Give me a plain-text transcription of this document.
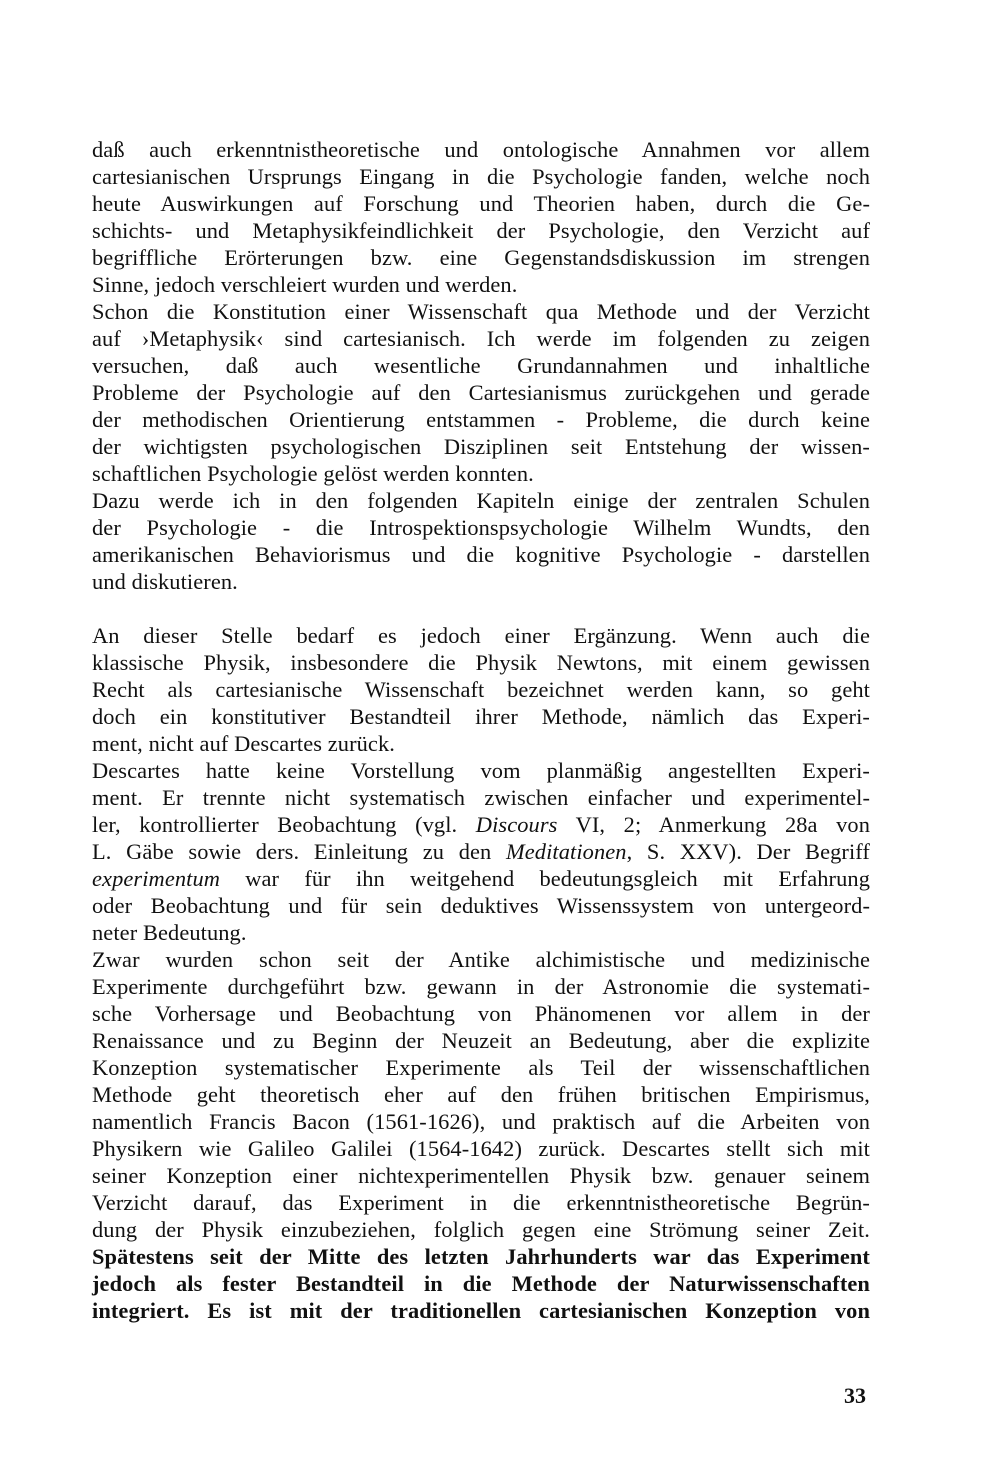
daß auch erkenntnistheoretische und ontologische Annahmen vor allem
cartesianischen Ursprungs Eingang in die Psychologie fanden, welche noch
heute Auswirkungen auf Forschung und Theorien haben, durch die Ge-
schichts- und Metaphysikfeindlichkeit der Psychologie, den Verzicht auf
begriffliche Erörterungen bzw. eine Gegenstandsdiskussion im strengen
Sinne, jedoch verschleiert wurden und werden.
Schon die Konstitution einer Wissenschaft qua Methode und der Verzicht
auf ›Metaphysik‹ sind cartesianisch. Ich werde im folgenden zu zeigen
versuchen, daß auch wesentliche Grundannahmen und inhaltliche
Probleme der Psychologie auf den Cartesianismus zurückgehen und gerade
der methodischen Orientierung entstammen - Probleme, die durch keine
der wichtigsten psychologischen Disziplinen seit Entstehung der wissen-
schaftlichen Psychologie gelöst werden konnten.
Dazu werde ich in den folgenden Kapiteln einige der zentralen Schulen
der Psychologie - die Introspektionspsychologie Wilhelm Wundts, den
amerikanischen Behaviorismus und die kognitive Psychologie - darstellen
und diskutieren.
An dieser Stelle bedarf es jedoch einer Ergänzung. Wenn auch die
klassische Physik, insbesondere die Physik Newtons, mit einem gewissen
Recht als cartesianische Wissenschaft bezeichnet werden kann, so geht
doch ein konstitutiver Bestandteil ihrer Methode, nämlich das Experi-
ment, nicht auf Descartes zurück.
Descartes hatte keine Vorstellung vom planmäßig angestellten Experi-
ment. Er trennte nicht systematisch zwischen einfacher und experimentel-
ler, kontrollierter Beobachtung (vgl. Discours VI, 2; Anmerkung 28a von
L. Gäbe sowie ders. Einleitung zu den Meditationen, S. XXV). Der Begriff
experimentum war für ihn weitgehend bedeutungsgleich mit Erfahrung
oder Beobachtung und für sein deduktives Wissenssystem von untergeord-
neter Bedeutung.
Zwar wurden schon seit der Antike alchimistische und medizinische
Experimente durchgeführt bzw. gewann in der Astronomie die systemati-
sche Vorhersage und Beobachtung von Phänomenen vor allem in der
Renaissance und zu Beginn der Neuzeit an Bedeutung, aber die explizite
Konzeption systematischer Experimente als Teil der wissenschaftlichen
Methode geht theoretisch eher auf den frühen britischen Empirismus,
namentlich Francis Bacon (1561-1626), und praktisch auf die Arbeiten von
Physikern wie Galileo Galilei (1564-1642) zurück. Descartes stellt sich mit
seiner Konzeption einer nichtexperimentellen Physik bzw. genauer seinem
Verzicht darauf, das Experiment in die erkenntnistheoretische Begrün-
dung der Physik einzubeziehen, folglich gegen eine Strömung seiner Zeit.
Spätestens seit der Mitte des letzten Jahrhunderts war das Experiment
jedoch als fester Bestandteil in die Methode der Naturwissenschaften
integriert. Es ist mit der traditionellen cartesianischen Konzeption von
33
